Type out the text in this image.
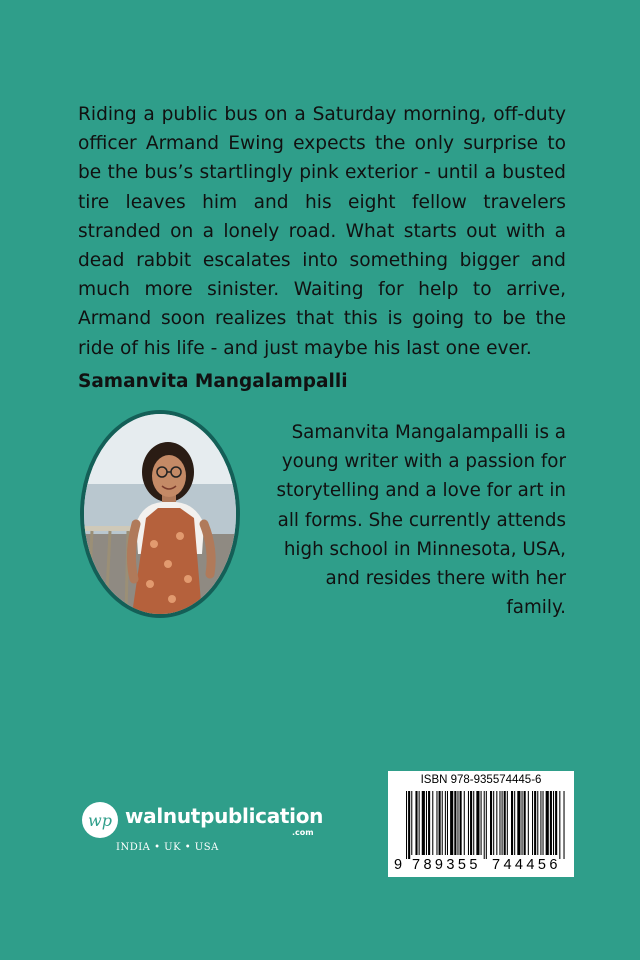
Riding a public bus on a Saturday morning, off-duty officer Armand Ewing expects the only surprise to be the bus’s startlingly pink exterior - until a busted tire leaves him and his eight fellow travelers stranded on a lonely road. What starts out with a dead rabbit escalates into something bigger and much more sinister. Waiting for help to arrive, Armand soon realizes that this is going to be the ride of his life - and just maybe his last one ever.

Samanvita Mangalampalli

Samanvita Mangalampalli is a young writer with a passion for storytelling and a love for art in all forms. She currently attends high school in Minnesota, USA, and resides there with her family.

wp walnutpublication
.com
INDIA • UK • USA
ISBN 978-935574445-6
9 789355 744456
